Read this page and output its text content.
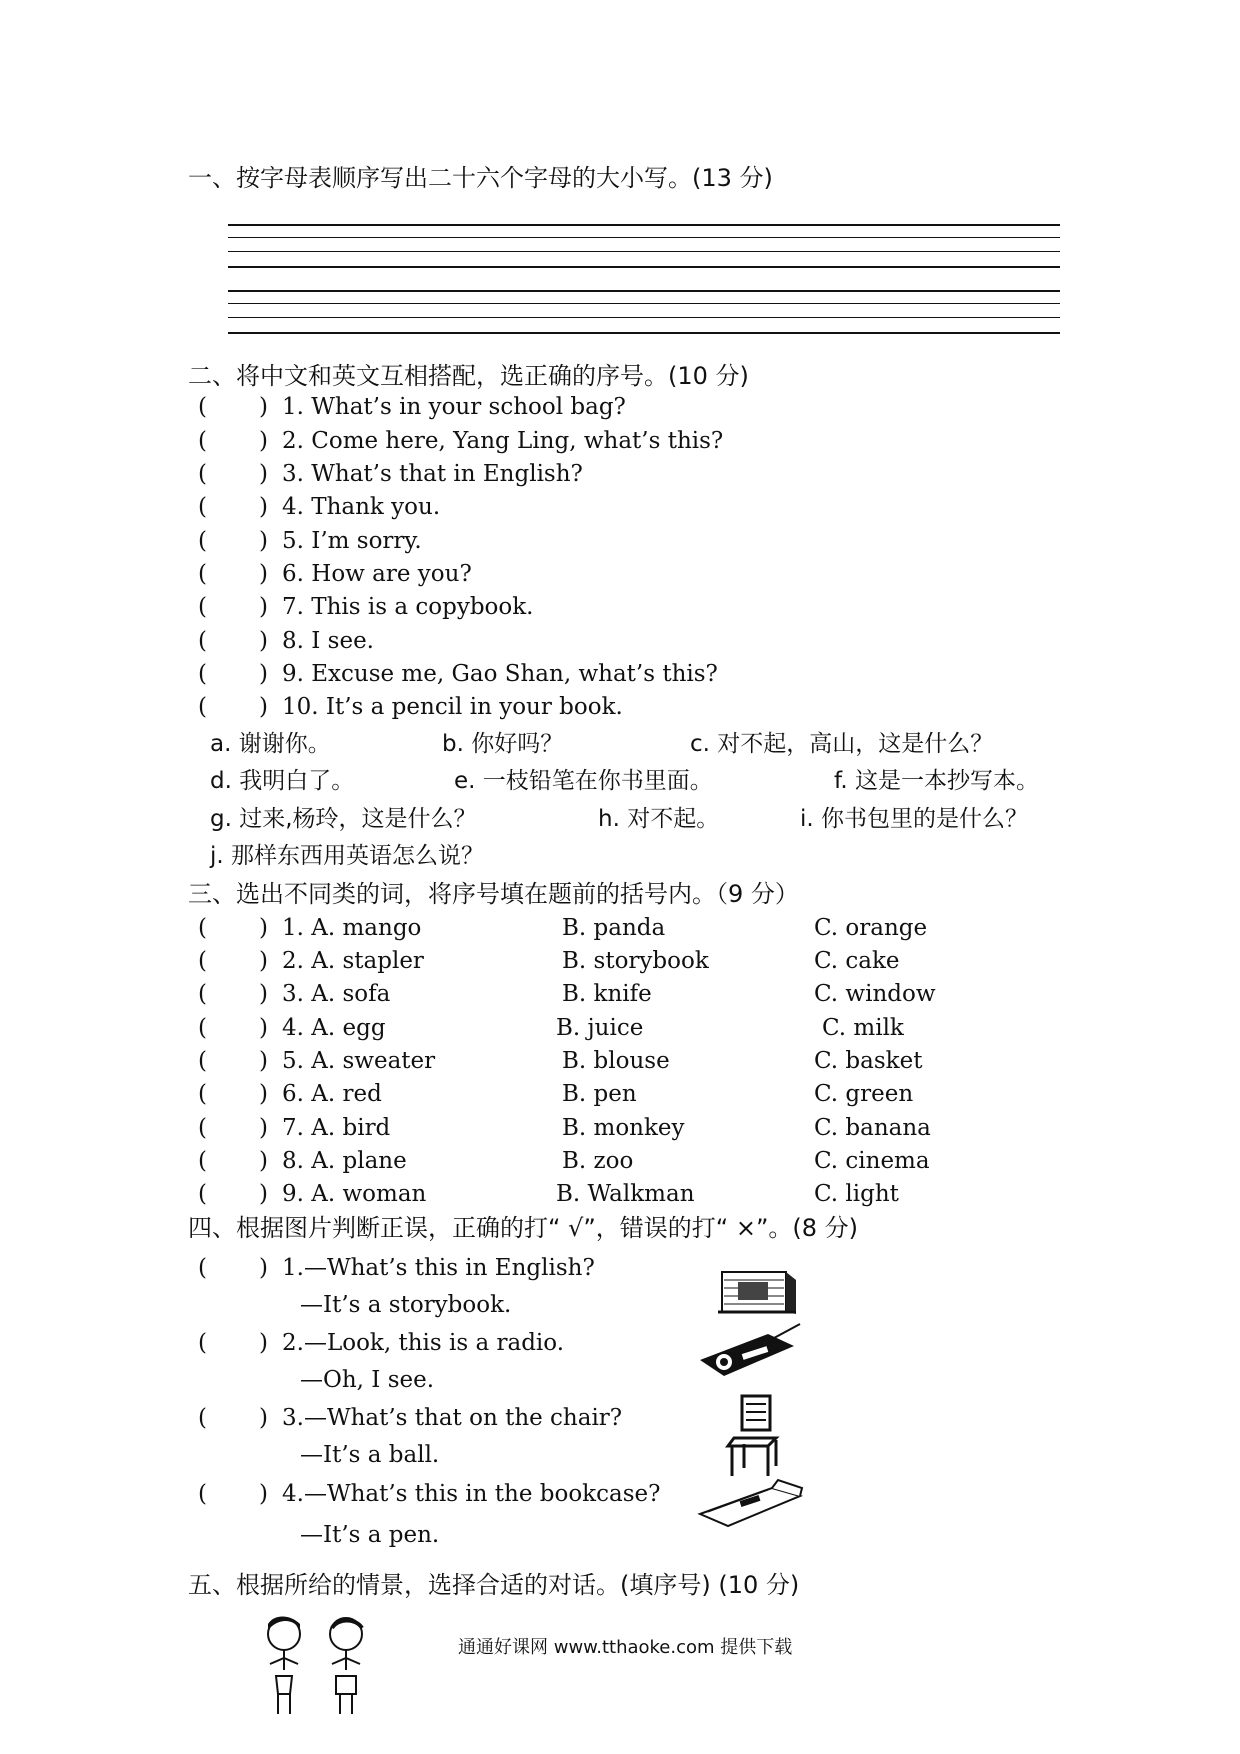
一、按字母表顺序写出二十六个字母的大小写。(13 分)
二、将中文和英文互相搭配，选正确的序号。(10 分)
( ) 1. What’s in your school bag?
( ) 2. Come here, Yang Ling, what’s this?
( ) 3. What’s that in English?
( ) 4. Thank you.
( ) 5. I’m sorry.
( ) 6. How are you?
( ) 7. This is a copybook.
( ) 8. I see.
( ) 9. Excuse me, Gao Shan, what’s this?
( ) 10. It’s a pencil in your book.
a. 谢谢你。	b. 你好吗？	c. 对不起，高山，这是什么？
d. 我明白了。	e. 一枝铅笔在你书里面。	f. 这是一本抄写本。
g. 过来,杨玲，这是什么？	h. 对不起。	i. 你书包里的是什么？
j. 那样东西用英语怎么说？
三、选出不同类的词，将序号填在题前的括号内。（9 分）
( ) 1. A. mango	B. panda	C. orange
( ) 2. A. stapler	B. storybook	C. cake
( ) 3. A. sofa	B. knife	C. window
( ) 4. A. egg	B. juice	C. milk
( ) 5. A. sweater	B. blouse	C. basket
( ) 6. A. red	B. pen	C. green
( ) 7. A. bird	B. monkey	C. banana
( ) 8. A. plane	B. zoo	C. cinema
( ) 9. A. woman	B. Walkman	C. light
四、根据图片判断正误，正确的打“ √”，错误的打“ ×”。(8 分)
( ) 1.—What’s this in English?
—It’s a storybook.
( ) 2.—Look, this is a radio.
—Oh, I see.
( ) 3.—What’s that on the chair?
—It’s a ball.
( ) 4.—What’s this in the bookcase?
—It’s a pen.
五、根据所给的情景，选择合适的对话。(填序号) (10 分)
通通好课网 www.tthaoke.com 提供下载
